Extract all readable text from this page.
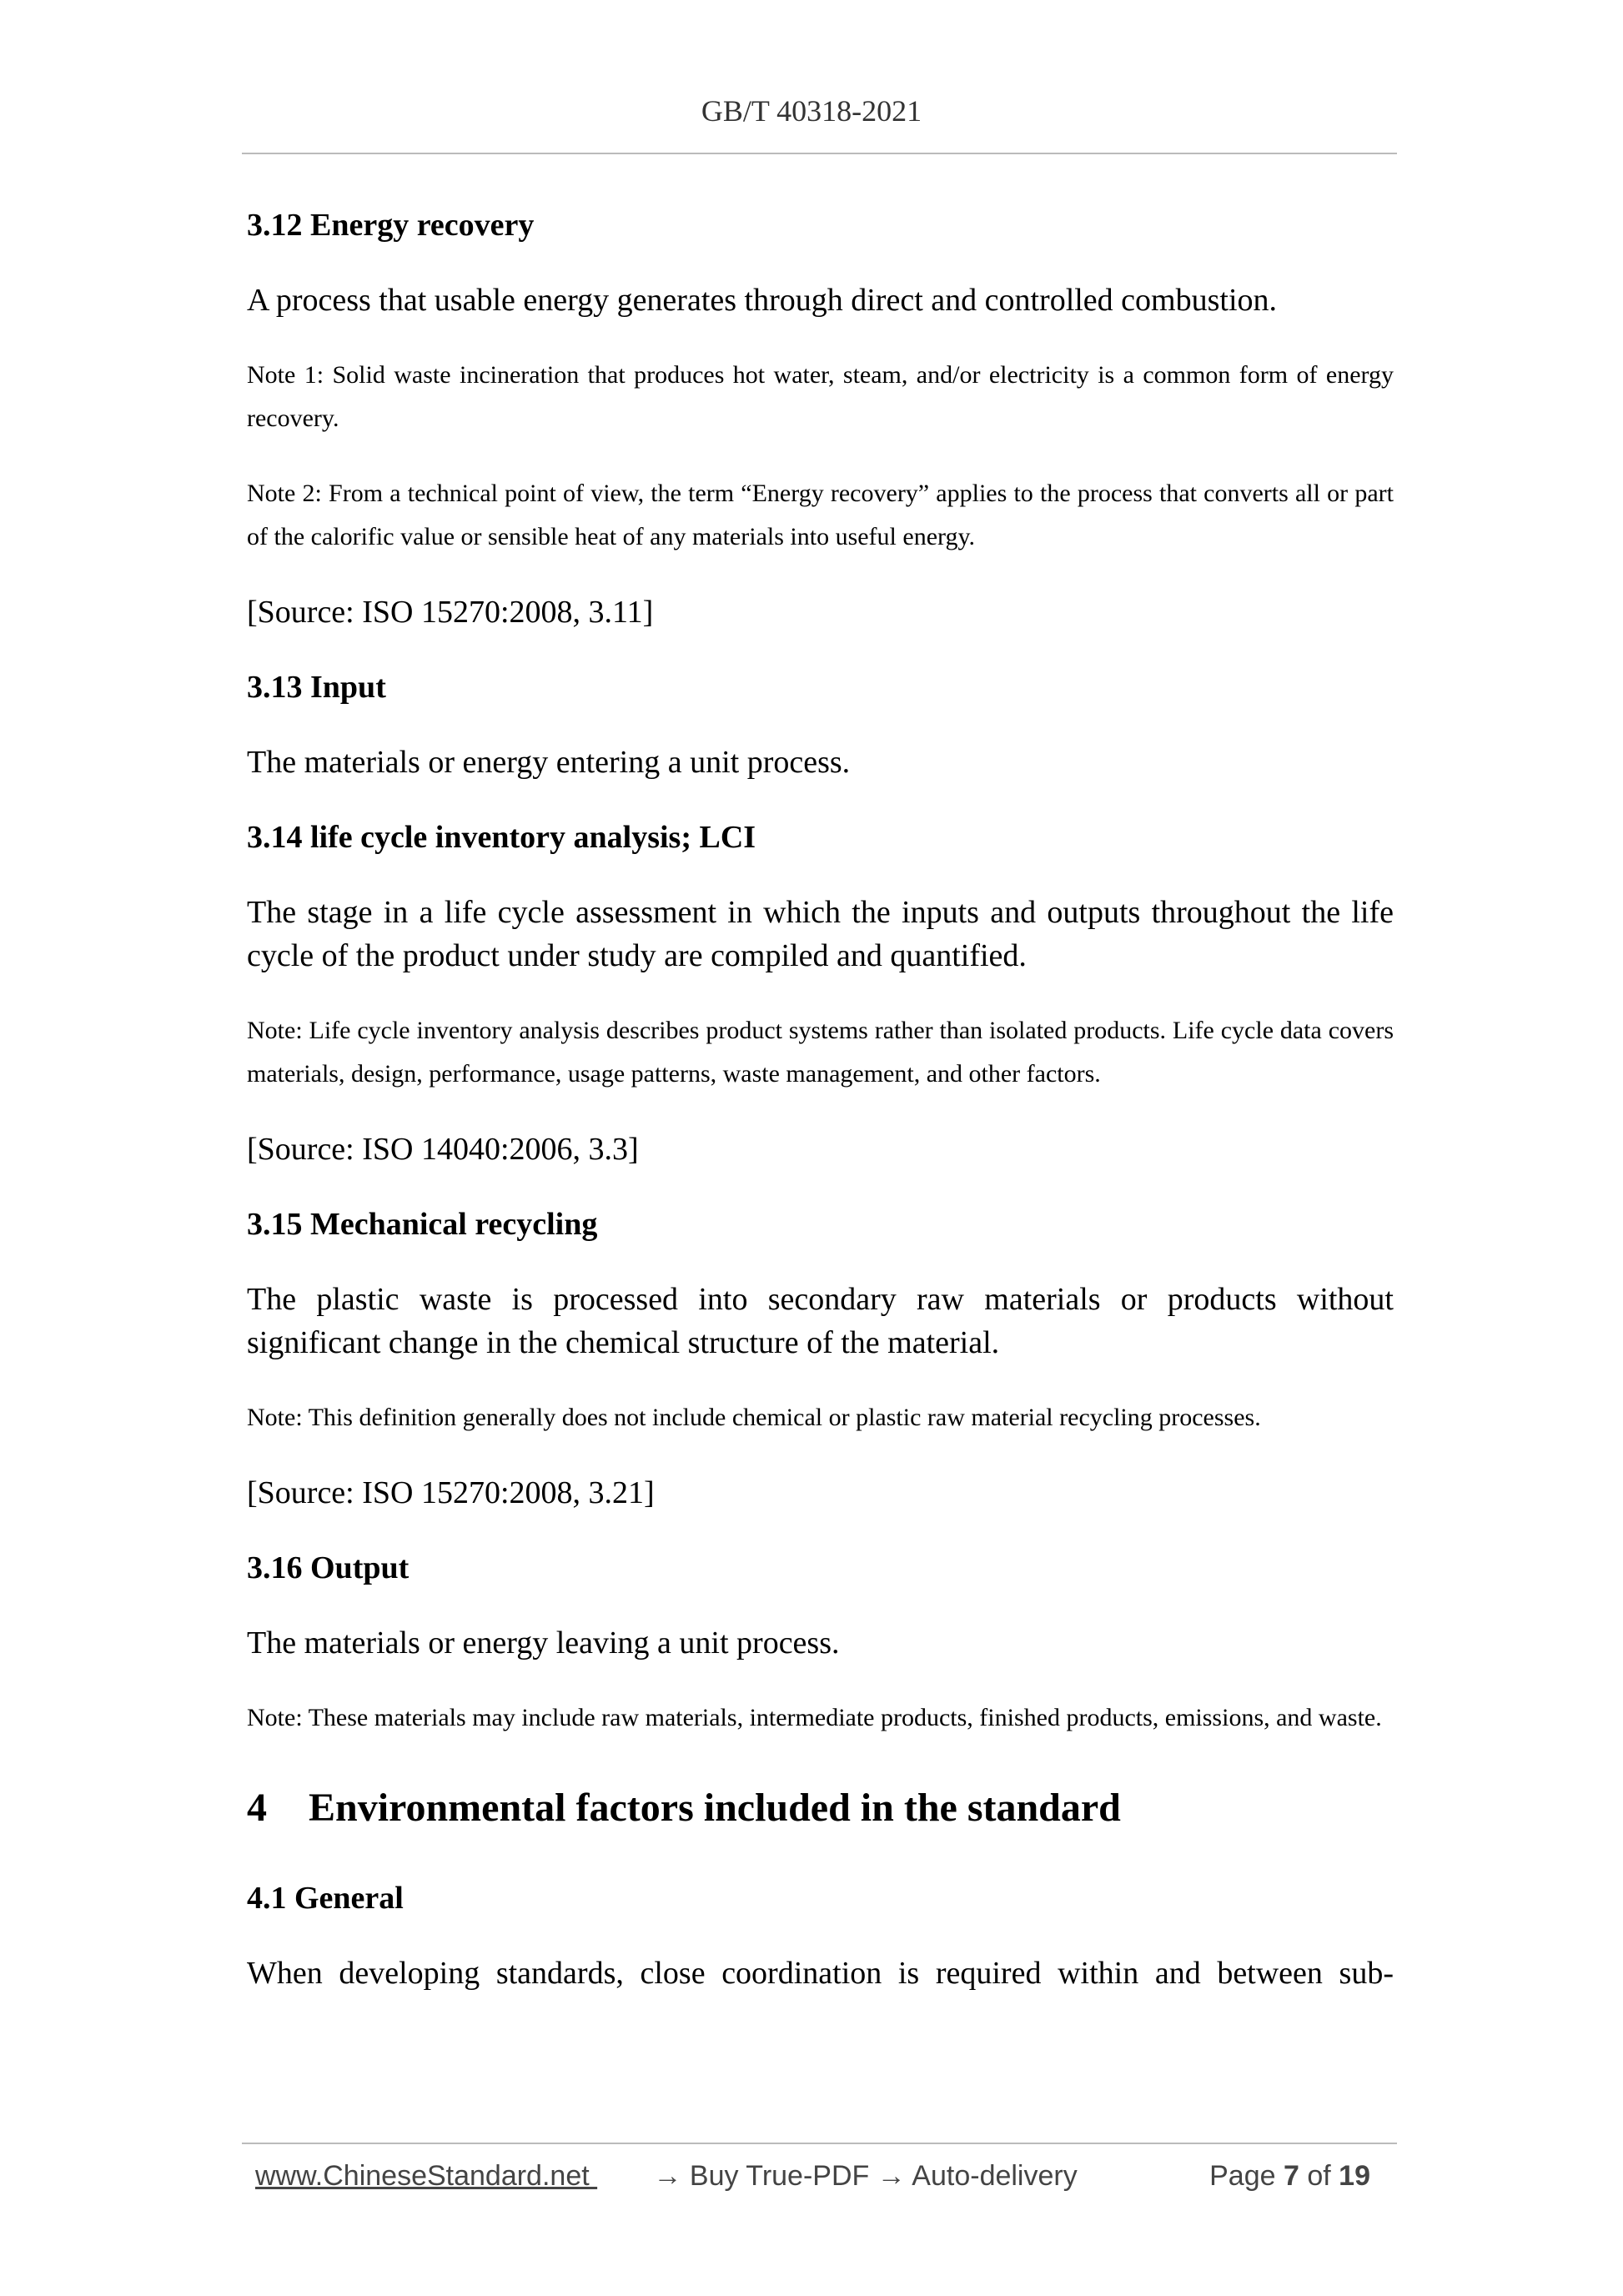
GB/T 40318-2021
3.12 Energy recovery
A process that usable energy generates through direct and controlled combustion.
Note 1: Solid waste incineration that produces hot water, steam, and/or electricity is a common form of energy recovery.
Note 2: From a technical point of view, the term “Energy recovery” applies to the process that converts all or part of the calorific value or sensible heat of any materials into useful energy.
[Source: ISO 15270:2008, 3.11]
3.13 Input
The materials or energy entering a unit process.
3.14 life cycle inventory analysis; LCI
The stage in a life cycle assessment in which the inputs and outputs throughout the life cycle of the product under study are compiled and quantified.
Note: Life cycle inventory analysis describes product systems rather than isolated products. Life cycle data covers materials, design, performance, usage patterns, waste management, and other factors.
[Source: ISO 14040:2006, 3.3]
3.15 Mechanical recycling
The plastic waste is processed into secondary raw materials or products without significant change in the chemical structure of the material.
Note: This definition generally does not include chemical or plastic raw material recycling processes.
[Source: ISO 15270:2008, 3.21]
3.16 Output
The materials or energy leaving a unit process.
Note: These materials may include raw materials, intermediate products, finished products, emissions, and waste.
4 Environmental factors included in the standard
4.1 General
When developing standards, close coordination is required within and between sub-
www.ChineseStandard.net → Buy True-PDF → Auto-delivery	Page 7 of 19
